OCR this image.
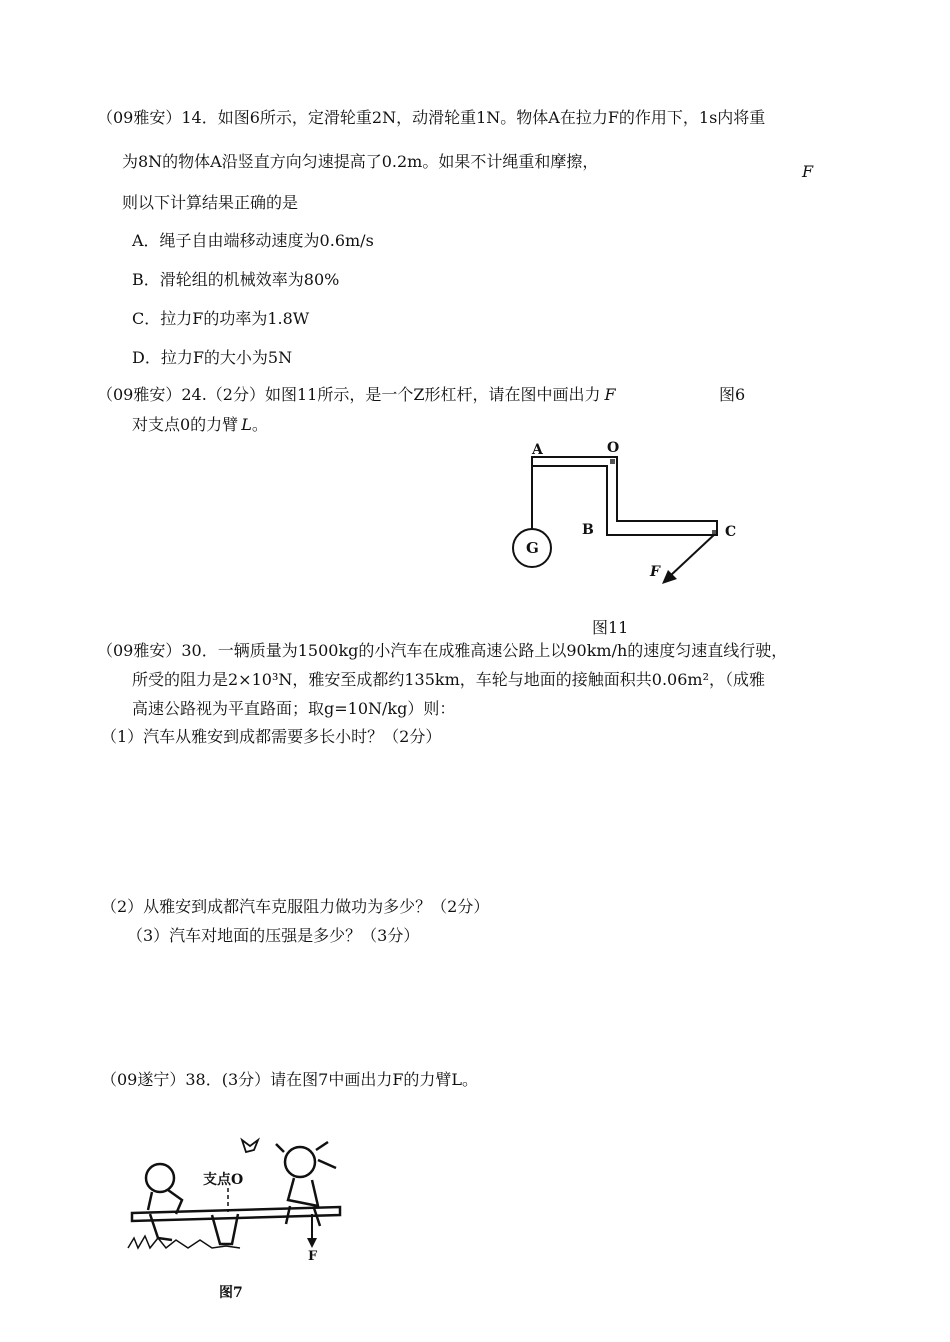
（09雅安）14．如图6所示，定滑轮重2N，动滑轮重1N。物体A在拉力F的作用下，1s内将重
为8N的物体A沿竖直方向匀速提高了0.2m。如果不计绳重和摩擦，
F
则以下计算结果正确的是
A．绳子自由端移动速度为0.6m/s
B．滑轮组的机械效率为80%
C．拉力F的功率为1.8W
D．拉力F的大小为5N
（09雅安）24.（2分）如图11所示，是一个Z形杠杆，请在图中画出力 F	图6
对支点0的力臂 L。
A	O
B	C
G
F
图11
（09雅安）30．一辆质量为1500kg的小汽车在成雅高速公路上以90km/h的速度匀速直线行驶，
所受的阻力是2×10³N，雅安至成都约135km，车轮与地面的接触面积共0.06m²，（成雅
高速公路视为平直路面；取g=10N/kg）则：
（1）汽车从雅安到成都需要多长小时？（2分）
（2）从雅安到成都汽车克服阻力做功为多少？（2分）
（3）汽车对地面的压强是多少？（3分）
（09遂宁）38．(3分）请在图7中画出力F的力臂L。
支点O
F
图7
